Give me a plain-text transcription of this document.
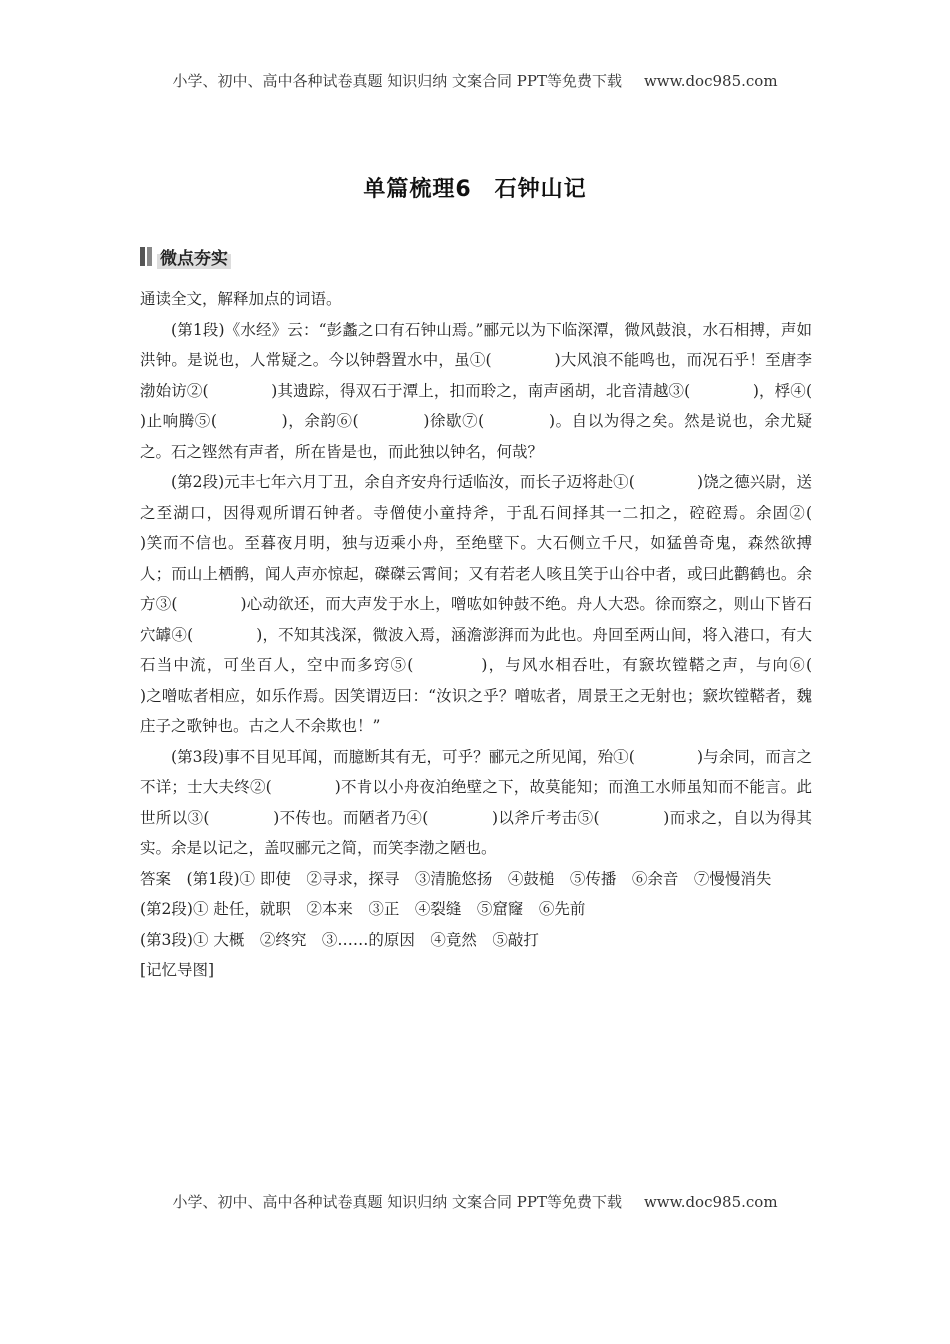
小学、初中、高中各种试卷真题 知识归纳 文案合同 PPT等免费下载 www.doc985.com
单篇梳理6　石钟山记
微点夯实

通读全文，解释加点的词语。

(第1段)《水经》云：“彭蠡之口有石钟山焉。”郦元以为下临深潭，微风鼓浪，水石相搏，声如洪钟。是说也，人常疑之。今以钟磬置水中，虽①(　　　　)大风浪不能鸣也，而况石乎！至唐李渤始访②(　　　　)其遗踪，得双石于潭上，扣而聆之，南声函胡，北音清越③(　　　　)，桴④(　　　　)止响腾⑤(　　　　)，余韵⑥(　　　　)徐歇⑦(　　　　)。自以为得之矣。然是说也，余尤疑之。石之铿然有声者，所在皆是也，而此独以钟名，何哉？

(第2段)元丰七年六月丁丑，余自齐安舟行适临汝，而长子迈将赴①(　　　　)饶之德兴尉，送之至湖口，因得观所谓石钟者。寺僧使小童持斧，于乱石间择其一二扣之，硿硿焉。余固②(　　　　)笑而不信也。至暮夜月明，独与迈乘小舟，至绝壁下。大石侧立千尺，如猛兽奇鬼，森然欲搏人；而山上栖鹘，闻人声亦惊起，磔磔云霄间；又有若老人咳且笑于山谷中者，或曰此鹳鹤也。余方③(　　　　)心动欲还，而大声发于水上，噌吰如钟鼓不绝。舟人大恐。徐而察之，则山下皆石穴罅④(　　　　)，不知其浅深，微波入焉，涵澹澎湃而为此也。舟回至两山间，将入港口，有大石当中流，可坐百人，空中而多窍⑤(　　　　)，与风水相吞吐，有窾坎镗鞳之声，与向⑥(　　　　)之噌吰者相应，如乐作焉。因笑谓迈曰：“汝识之乎？噌吰者，周景王之无射也；窾坎镗鞳者，魏庄子之歌钟也。古之人不余欺也！”

(第3段)事不目见耳闻，而臆断其有无，可乎？郦元之所见闻，殆①(　　　　)与余同，而言之不详；士大夫终②(　　　　)不肯以小舟夜泊绝壁之下，故莫能知；而渔工水师虽知而不能言。此世所以③(　　　　)不传也。而陋者乃④(　　　　)以斧斤考击⑤(　　　　)而求之，自以为得其实。余是以记之，盖叹郦元之简，而笑李渤之陋也。

答案　 (第1段)① 即使　②寻求，探寻　③清脆悠扬　④鼓槌　⑤传播　⑥余音　⑦慢慢消失

(第2段)① 赴任，就职　②本来　③正　④裂缝　⑤窟窿　⑥先前

(第3段)① 大概　②终究　③……的原因　④竟然　⑤敲打

[记忆导图]

小学、初中、高中各种试卷真题 知识归纳 文案合同 PPT等免费下载 www.doc985.com
